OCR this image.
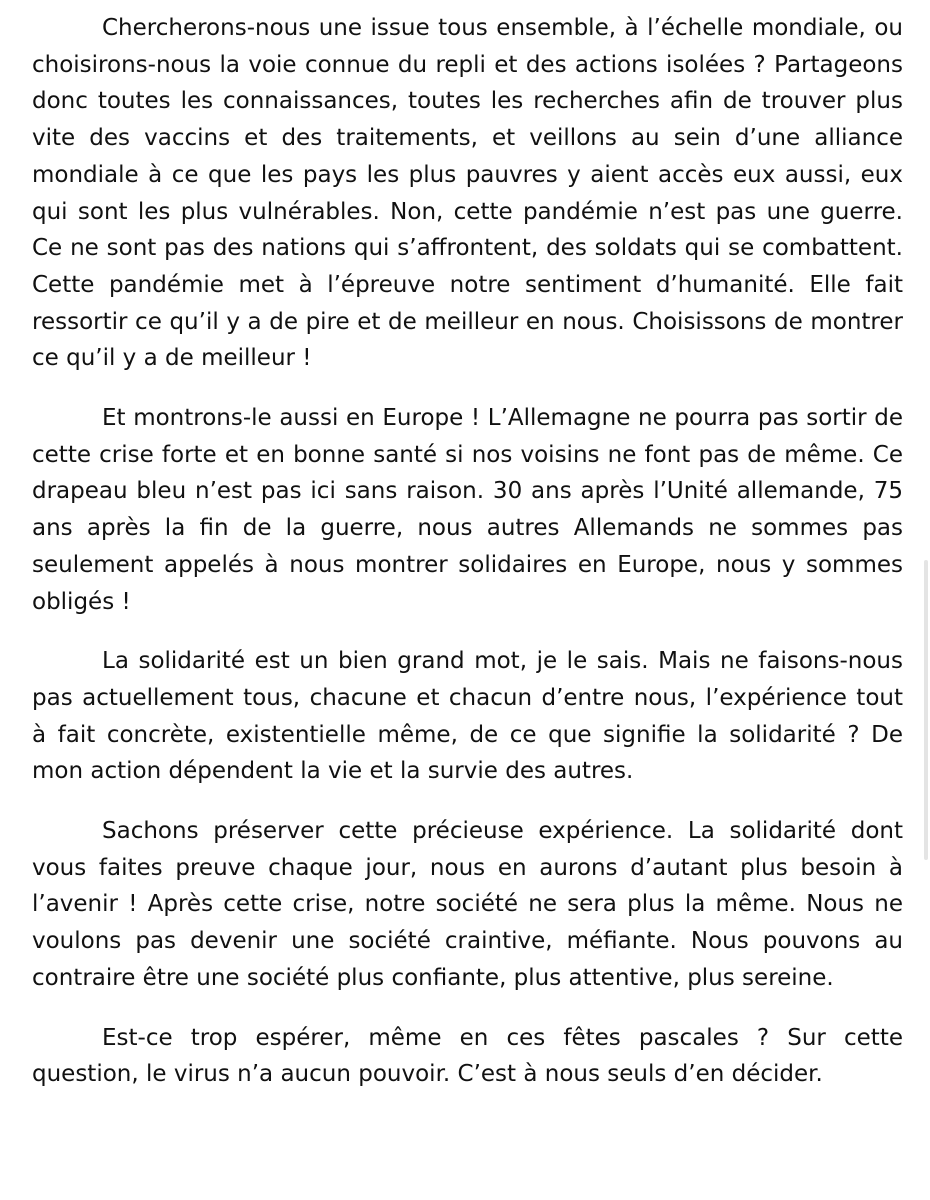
Chercherons-nous une issue tous ensemble, à l’échelle mondiale, ou choisirons-nous la voie connue du repli et des actions isolées ? Partageons donc toutes les connaissances, toutes les recherches afin de trouver plus vite des vaccins et des traitements, et veillons au sein d’une alliance mondiale à ce que les pays les plus pauvres y aient accès eux aussi, eux qui sont les plus vulnérables. Non, cette pandémie n’est pas une guerre. Ce ne sont pas des nations qui s’affrontent, des soldats qui se combattent. Cette pandémie met à l’épreuve notre sentiment d’humanité. Elle fait ressortir ce qu’il y a de pire et de meilleur en nous. Choisissons de montrer ce qu’il y a de meilleur !

Et montrons-le aussi en Europe ! L’Allemagne ne pourra pas sortir de cette crise forte et en bonne santé si nos voisins ne font pas de même. Ce drapeau bleu n’est pas ici sans raison. 30 ans après l’Unité allemande, 75 ans après la fin de la guerre, nous autres Allemands ne sommes pas seulement appelés à nous montrer solidaires en Europe, nous y sommes obligés !

La solidarité est un bien grand mot, je le sais. Mais ne faisons-nous pas actuellement tous, chacune et chacun d’entre nous, l’expérience tout à fait concrète, existentielle même, de ce que signifie la solidarité ? De mon action dépendent la vie et la survie des autres.

Sachons préserver cette précieuse expérience. La solidarité dont vous faites preuve chaque jour, nous en aurons d’autant plus besoin à l’avenir ! Après cette crise, notre société ne sera plus la même. Nous ne voulons pas devenir une société craintive, méfiante. Nous pouvons au contraire être une société plus confiante, plus attentive, plus sereine.

Est-ce trop espérer, même en ces fêtes pascales ? Sur cette question, le virus n’a aucun pouvoir. C’est à nous seuls d’en décider.
